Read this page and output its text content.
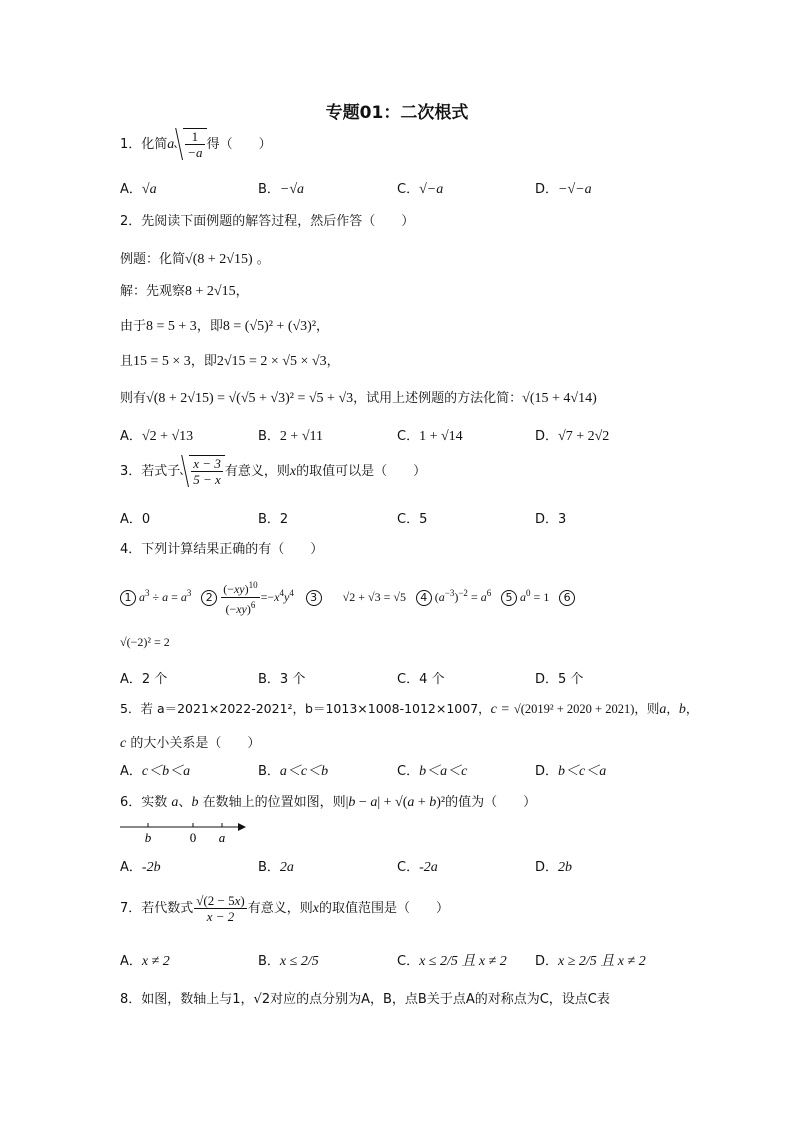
专题01：二次根式
1．化简a $\frac{1}{-a}$ 得（　　）
A．√a	B．−√a	C．√−a	D．−√−a
2．先阅读下面例题的解答过程，然后作答（　　）
例题：化简√(8 + 2√15) 。
解：先观察8 + 2√15，
由于8 = 5 + 3，即8 = (√5)² + (√3)²，
且15 = 5 × 3，即2√15 = 2 × √5 × √3，
则有√(8 + 2√15) = √(√5 + √3)² = √5 + √3，试用上述例题的方法化简：√(15 + 4√14)
A．√2 + √13	B．2 + √11	C．1 + √14	D．√7 + 2√2
3．若式子 $\frac{x - 3}{5 - x}$ 有意义，则x的取值可以是（　　）
A．0	B．2	C．5	D．3
4．下列计算结果正确的有（　　）
1 $a^3 \div a = a^3$ $2 \frac{(-xy)^{10}}{(-xy)^6} =-x^4y^4$ 3 √2 + √3 = √5 4 $(a^{-3})^{-2} = a^6$ 5 $a^0 = 1$ 6
√(−2)² = 2
A．2 个	B．3 个	C．4 个	D．5 个
5．若 a＝2021×2022-2021²，b＝1013×1008-1012×1007，c = √(2019² + 2020 + 2021)，则a，b，
c 的大小关系是（　　）
A．c＜b＜a	B．a＜c＜b	C．b＜a＜c	D．b＜c＜a
6．实数 a、b 在数轴上的位置如图，则|b − a| + √(a + b)²的值为（　　）
b	0 a
A．-2b	B．2a	C．-2a	D．2b
7．若代数式 $\frac{√(2 - 5x)}{x - 2}$ 有意义，则x的取值范围是（　　）
A．x ≠ 2	B．x ≤ 2/5	C．x ≤ 2/5 且 x ≠ 2 D．x ≥ 2/5 且 x ≠ 2
8．如图，数轴上与1，√2对应的点分别为A，B，点B关于点A的对称点为C，设点C表
